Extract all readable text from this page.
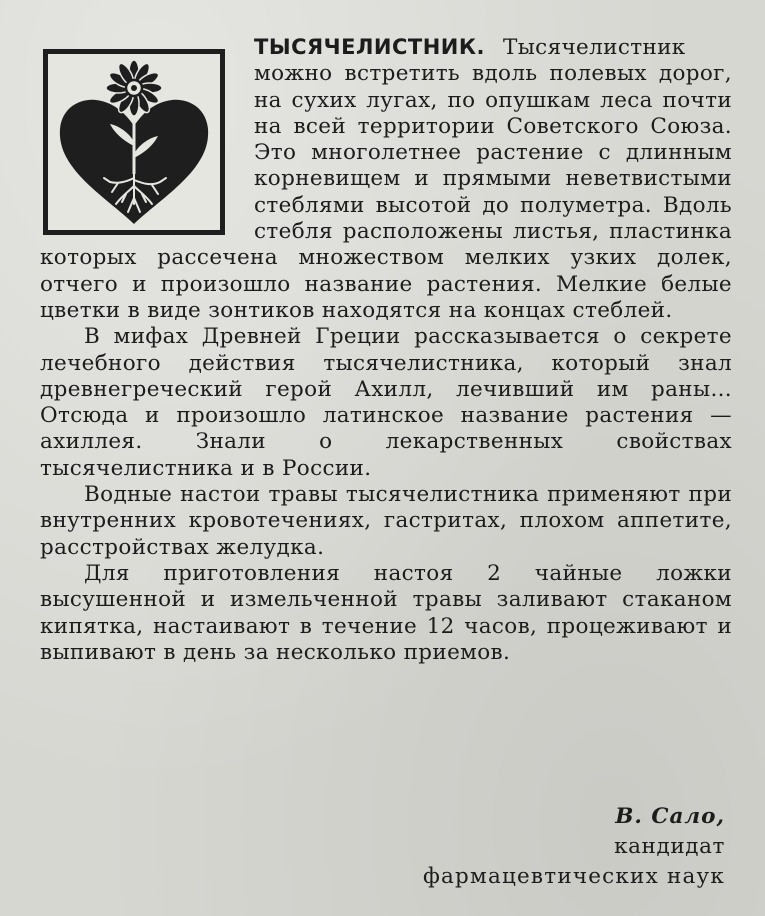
ТЫСЯЧЕЛИСТНИК. Тысячелистник можно встретить вдоль полевых дорог, на сухих лугах, по опушкам леса почти на всей территории Советского Союза. Это многолетнее растение с длинным корневищем и прямыми неветвистыми стеблями высотой до полуметра. Вдоль стебля расположены листья, пластинка которых рассечена множеством мелких узких долек, отчего и произошло название растения. Мелкие белые цветки в виде зонтиков находятся на концах стеблей.

В мифах Древней Греции рассказывается о секрете лечебного действия тысячелистника, который знал древнегреческий герой Ахилл, лечивший им раны... Отсюда и произошло латинское название растения — ахиллея. Знали о лекарственных свойствах тысячелистника и в России.

Водные настои травы тысячелистника применяют при внутренних кровотечениях, гастритах, плохом аппетите, расстройствах желудка.

Для приготовления настоя 2 чайные ложки высушенной и измельченной травы заливают стаканом кипятка, настаивают в течение 12 часов, процеживают и выпивают в день за несколько приемов.

В. Сало,
кандидат
фармацевтических наук
